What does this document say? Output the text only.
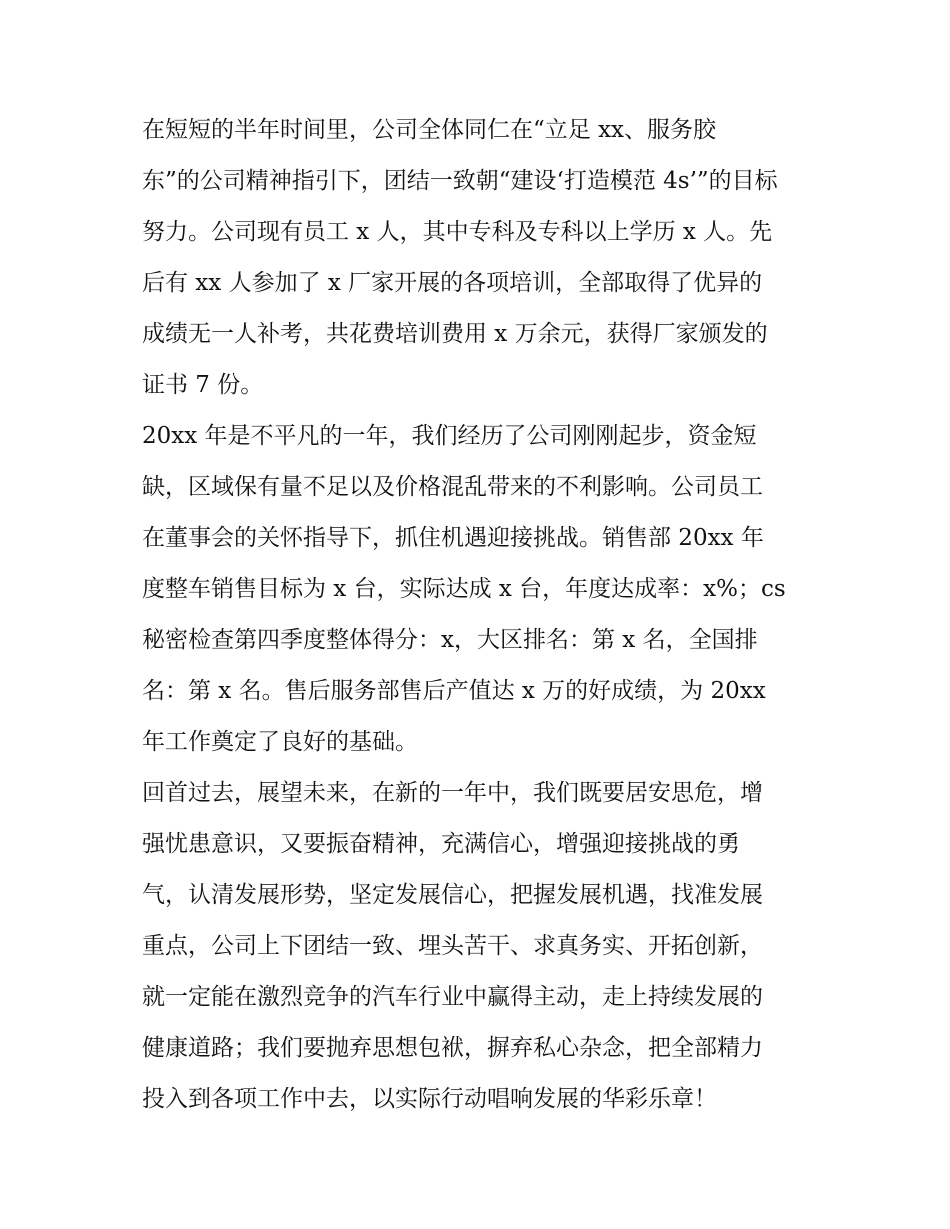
在短短的半年时间里，公司全体同仁在“立足 xx、服务胶
东”的公司精神指引下，团结一致朝“建设‘打造模范 4s’”的目标
努力。公司现有员工 x 人，其中专科及专科以上学历 x 人。先
后有 xx 人参加了 x 厂家开展的各项培训，全部取得了优异的
成绩无一人补考，共花费培训费用 x 万余元，获得厂家颁发的
证书 7 份。
20xx 年是不平凡的一年，我们经历了公司刚刚起步，资金短
缺，区域保有量不足以及价格混乱带来的不利影响。公司员工
在董事会的关怀指导下，抓住机遇迎接挑战。销售部 20xx 年
度整车销售目标为 x 台，实际达成 x 台，年度达成率：x%；cs
秘密检查第四季度整体得分：x，大区排名：第 x 名，全国排
名：第 x 名。售后服务部售后产值达 x 万的好成绩，为 20xx
年工作奠定了良好的基础。
回首过去，展望未来，在新的一年中，我们既要居安思危，增
强忧患意识，又要振奋精神，充满信心，增强迎接挑战的勇
气，认清发展形势，坚定发展信心，把握发展机遇，找准发展
重点，公司上下团结一致、埋头苦干、求真务实、开拓创新，
就一定能在激烈竞争的汽车行业中赢得主动，走上持续发展的
健康道路；我们要抛弃思想包袱，摒弃私心杂念，把全部精力
投入到各项工作中去，以实际行动唱响发展的华彩乐章！
